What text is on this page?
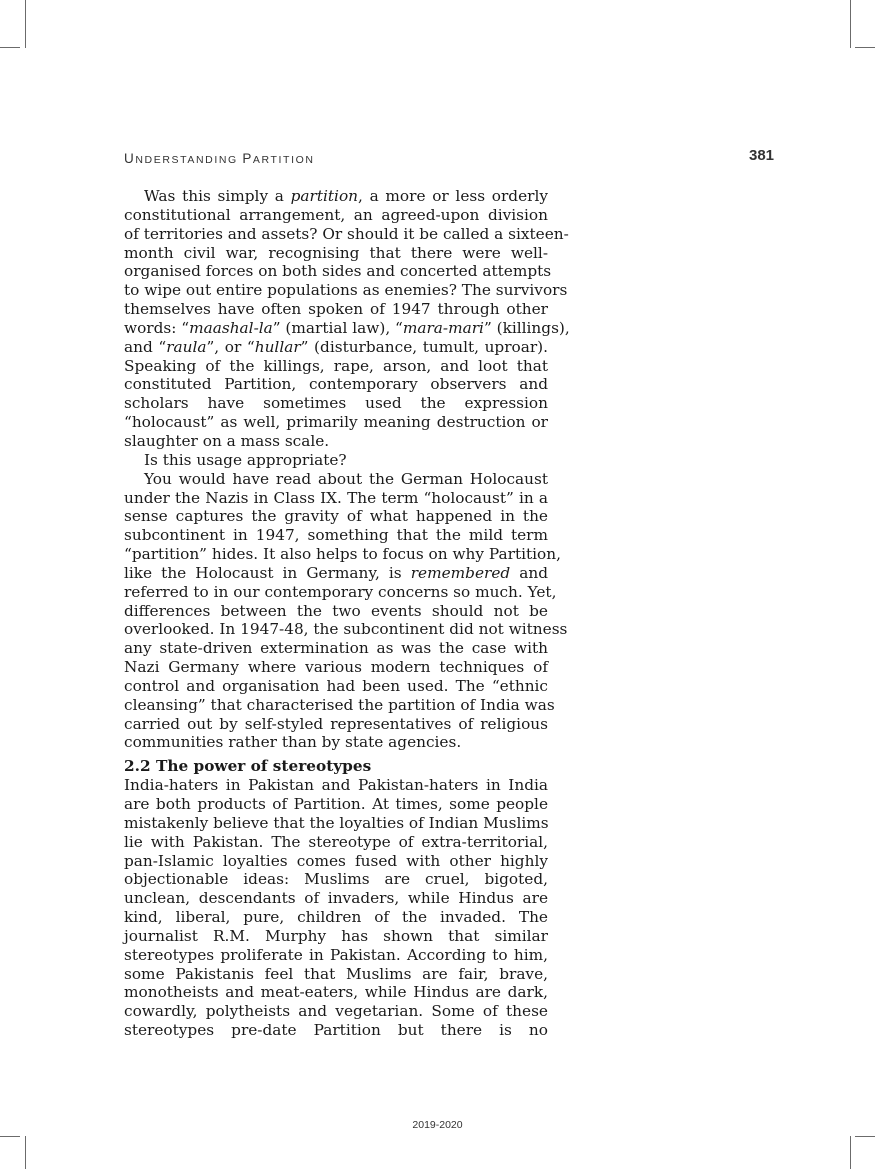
UNDERSTANDING PARTITION	381
Was this simply a partition, a more or less orderly
constitutional arrangement, an agreed-upon division
of territories and assets? Or should it be called a sixteen-
month civil war, recognising that there were well-
organised forces on both sides and concerted attempts
to wipe out entire populations as enemies? The survivors
themselves have often spoken of 1947 through other
words: “maashal-la” (martial law), “mara-mari” (killings),
and “raula”, or “hullar” (disturbance, tumult, uproar).
Speaking of the killings, rape, arson, and loot that
constituted Partition, contemporary observers and
scholars have sometimes used the expression
“holocaust” as well, primarily meaning destruction or
slaughter on a mass scale.
Is this usage appropriate?
You would have read about the German Holocaust
under the Nazis in Class IX. The term “holocaust” in a
sense captures the gravity of what happened in the
subcontinent in 1947, something that the mild term
“partition” hides. It also helps to focus on why Partition,
like the Holocaust in Germany, is remembered and
referred to in our contemporary concerns so much. Yet,
differences between the two events should not be
overlooked. In 1947-48, the subcontinent did not witness
any state-driven extermination as was the case with
Nazi Germany where various modern techniques of
control and organisation had been used. The “ethnic
cleansing” that characterised the partition of India was
carried out by self-styled representatives of religious
communities rather than by state agencies.
2.2 The power of stereotypes
India-haters in Pakistan and Pakistan-haters in India
are both products of Partition. At times, some people
mistakenly believe that the loyalties of Indian Muslims
lie with Pakistan. The stereotype of extra-territorial,
pan-Islamic loyalties comes fused with other highly
objectionable ideas: Muslims are cruel, bigoted,
unclean, descendants of invaders, while Hindus are
kind, liberal, pure, children of the invaded. The
journalist R.M. Murphy has shown that similar
stereotypes proliferate in Pakistan. According to him,
some Pakistanis feel that Muslims are fair, brave,
monotheists and meat-eaters, while Hindus are dark,
cowardly, polytheists and vegetarian. Some of these
stereotypes pre-date Partition but there is no
2019-2020
